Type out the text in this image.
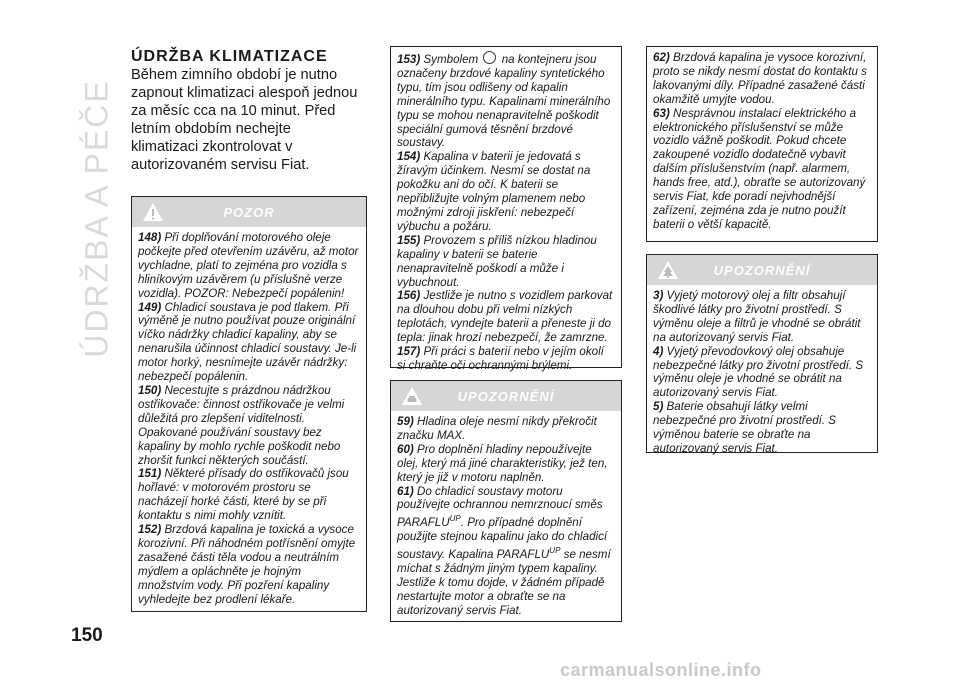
ÚDRŽBA A PÉČE
ÚDRŽBA KLIMATIZACE

Během zimního období je nutno zapnout klimatizaci alespoň jednou za měsíc cca na 10 minut. Před letním obdobím nechejte klimatizaci zkontrolovat v autorizovaném servisu Fiat.

POZOR

148) Při doplňování motorového oleje počkejte před otevřením uzávěru, až motor vychladne, platí to zejména pro vozidla s hliníkovým uzávěrem (u příslušné verze vozidla). POZOR: Nebezpečí popálenin!

149) Chladicí soustava je pod tlakem. Při výměně je nutno používat pouze originální víčko nádržky chladicí kapaliny, aby se nenarušila účinnost chladicí soustavy. Je-li motor horký, nesnímejte uzávěr nádržky: nebezpečí popálenin.

150) Necestujte s prázdnou nádržkou ostřikovače: činnost ostřikovače je velmi důležitá pro zlepšení viditelnosti. Opakované používání soustavy bez kapaliny by mohlo rychle poškodit nebo zhoršit funkci některých součástí.

151) Některé přísady do ostřikovačů jsou hořlavé: v motorovém prostoru se nacházejí horké části, které by se při kontaktu s nimi mohly vznítit.

152) Brzdová kapalina je toxická a vysoce korozivní. Při náhodném potřísnění omyjte zasažené části těla vodou a neutrálním mýdlem a opláchněte je hojným množstvím vody. Při pozření kapaliny vyhledejte bez prodlení lékaře.

153) Symbolem na kontejneru jsou označeny brzdové kapaliny syntetického typu, tím jsou odlišeny od kapalin minerálního typu. Kapalinami minerálního typu se mohou nenapravitelně poškodit speciální gumová těsnění brzdové soustavy.

154) Kapalina v baterii je jedovatá s žíravým účinkem. Nesmí se dostat na pokožku ani do očí. K baterii se nepřibližujte volným plamenem nebo možnými zdroji jiskření: nebezpečí výbuchu a požáru.

155) Provozem s příliš nízkou hladinou kapaliny v baterii se baterie nenapravitelně poškodí a může i vybuchnout.

156) Jestliže je nutno s vozidlem parkovat na dlouhou dobu při velmi nízkých teplotách, vyndejte baterii a přeneste ji do tepla: jinak hrozí nebezpečí, že zamrzne.

157) Při práci s baterií nebo v jejím okolí si chraňte oči ochrannými brýlemi.

UPOZORNĚNÍ

59) Hladina oleje nesmí nikdy překročit značku MAX.

60) Pro doplnění hladiny nepoužívejte olej, který má jiné charakteristiky, jež ten, který je již v motoru naplněn.

61) Do chladicí soustavy motoru používejte ochrannou nemrznoucí směs $PARAFLU^{UP}$. Pro případné doplnění použijte stejnou kapalinu jako do chladicí soustavy. Kapalina $PARAFLU^{UP}$ se nesmí míchat s žádným jiným typem kapaliny. Jestliže k tomu dojde, v žádném případě nestartujte motor a obraťte se na autorizovaný servis Fiat.

62) Brzdová kapalina je vysoce korozivní, proto se nikdy nesmí dostat do kontaktu s lakovanými díly. Případné zasažené části okamžitě umyjte vodou.

63) Nesprávnou instalací elektrického a elektronického příslušenství se může vozidlo vážně poškodit. Pokud chcete zakoupené vozidlo dodatečně vybavit dalším příslušenstvím (např. alarmem, hands free, atd.), obraťte se autorizovaný servis Fiat, kde poradí nejvhodnější zařízení, zejména zda je nutno použít baterii o větší kapacitě.

UPOZORNĚNÍ

3) Vyjetý motorový olej a filtr obsahují škodlivé látky pro životní prostředí. S výměnu oleje a filtrů je vhodné se obrátit na autorizovaný servis Fiat.

4) Vyjetý převodovkový olej obsahuje nebezpečné látky pro životní prostředí. S výměnu oleje je vhodné se obrátit na autorizovaný servis Fiat.

5) Baterie obsahují látky velmi nebezpečné pro životní prostředí. S výměnou baterie se obraťte na autorizovaný servis Fiat.

150
carmanualsonline.info
